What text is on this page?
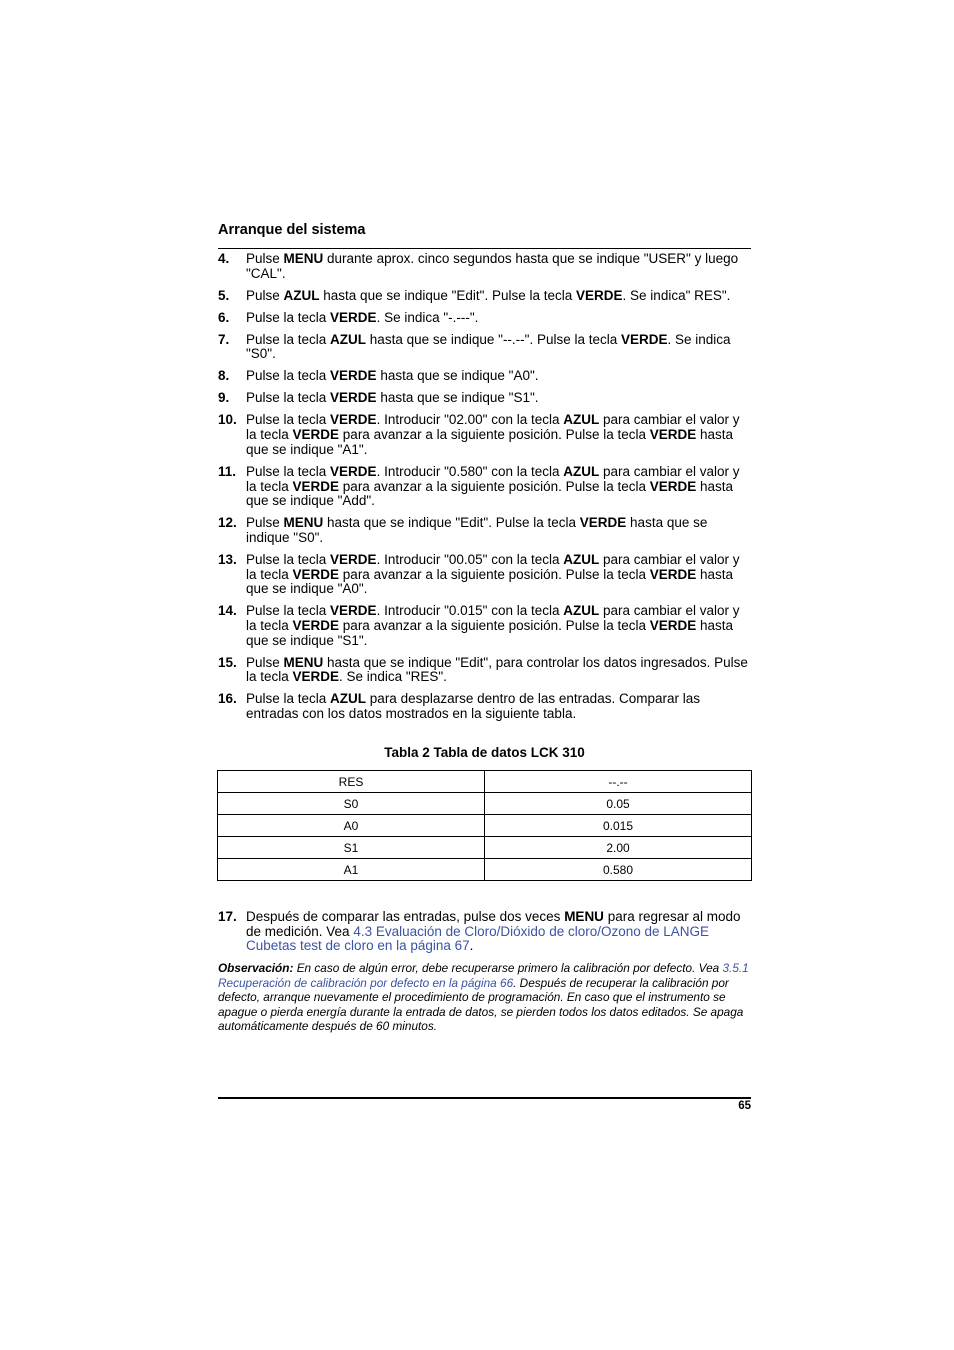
Arranque del sistema
4. Pulse MENU durante aprox. cinco segundos hasta que se indique "USER" y luego "CAL".
5. Pulse AZUL hasta que se indique "Edit". Pulse la tecla VERDE. Se indica" RES".
6. Pulse la tecla VERDE. Se indica "-.---".
7. Pulse la tecla AZUL hasta que se indique "--.--". Pulse la tecla VERDE. Se indica "S0".
8. Pulse la tecla VERDE hasta que se indique "A0".
9. Pulse la tecla VERDE hasta que se indique "S1".
10. Pulse la tecla VERDE. Introducir "02.00" con la tecla AZUL para cambiar el valor y la tecla VERDE para avanzar a la siguiente posición. Pulse la tecla VERDE hasta que se indique "A1".
11. Pulse la tecla VERDE. Introducir "0.580" con la tecla AZUL para cambiar el valor y la tecla VERDE para avanzar a la siguiente posición. Pulse la tecla VERDE hasta que se indique "Add".
12. Pulse MENU hasta que se indique "Edit". Pulse la tecla VERDE hasta que se indique "S0".
13. Pulse la tecla VERDE. Introducir "00.05" con la tecla AZUL para cambiar el valor y la tecla VERDE para avanzar a la siguiente posición. Pulse la tecla VERDE hasta que se indique "A0".
14. Pulse la tecla VERDE. Introducir "0.015" con la tecla AZUL para cambiar el valor y la tecla VERDE para avanzar a la siguiente posición. Pulse la tecla VERDE hasta que se indique "S1".
15. Pulse MENU hasta que se indique "Edit", para controlar los datos ingresados. Pulse la tecla VERDE. Se indica "RES".
16. Pulse la tecla AZUL para desplazarse dentro de las entradas. Comparar las entradas con los datos mostrados en la siguiente tabla.
Tabla 2 Tabla de datos LCK 310
RES	--.--
S0	0.05
A0	0.015
S1	2.00
A1	0.580
17. Después de comparar las entradas, pulse dos veces MENU para regresar al modo de medición. Vea 4.3 Evaluación de Cloro/Dióxido de cloro/Ozono de LANGE Cubetas test de cloro en la página 67.
Observación: En caso de algún error, debe recuperarse primero la calibración por defecto. Vea 3.5.1 Recuperación de calibración por defecto en la página 66. Después de recuperar la calibración por defecto, arranque nuevamente el procedimiento de programación. En caso que el instrumento se apague o pierda energía durante la entrada de datos, se pierden todos los datos editados. Se apaga automáticamente después de 60 minutos.
65
